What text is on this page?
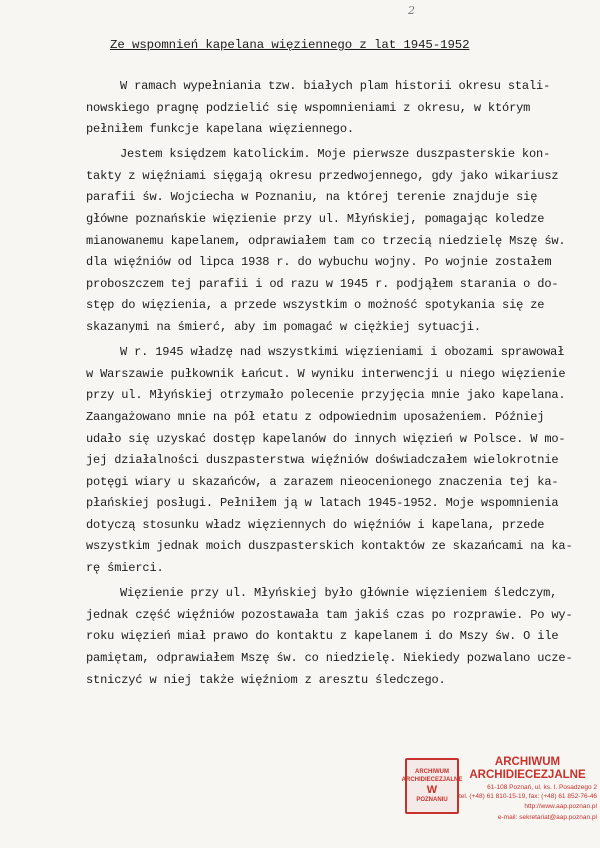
2
Ze wspomnień kapelana więziennego z lat 1945-1952
W ramach wypełniania tzw. białych plam historii okresu stali-
nowskiego pragnę podzielić się wspomnieniami z okresu, w którym
pełniłem funkcje kapelana więziennego.
Jestem księdzem katolickim. Moje pierwsze duszpasterskie kon-
takty z więźniami sięgają okresu przedwojennego, gdy jako wikariusz
parafii św. Wojciecha w Poznaniu, na której terenie znajduje się
główne poznańskie więzienie przy ul. Młyńskiej, pomagając koledze
mianowanemu kapelanem, odprawiałem tam co trzecią niedzielę Mszę św.
dla więźniów od lipca 1938 r. do wybuchu wojny. Po wojnie zostałem
proboszczem tej parafii i od razu w 1945 r. podjąłem starania o do-
stęp do więzienia, a przede wszystkim o możność spotykania się ze
skazanymi na śmierć, aby im pomagać w ciężkiej sytuacji.
W r. 1945 władzę nad wszystkimi więzieniami i obozami sprawował
w Warszawie pułkownik Łańcut. W wyniku interwencji u niego więzienie
przy ul. Młyńskiej otrzymało polecenie przyjęcia mnie jako kapelana.
Zaangażowano mnie na pół etatu z odpowiednim uposażeniem. Później
udało się uzyskać dostęp kapelanów do innych więzień w Polsce. W mo-
jej działalności duszpasterstwa więźniów doświadczałem wielokrotnie
potęgi wiary u skazańców, a zarazem nieocenionego znaczenia tej ka-
płańskiej posługi. Pełniłem ją w latach 1945-1952. Moje wspomnienia
dotyczą stosunku władz więziennych do więźniów i kapelana, przede
wszystkim jednak moich duszpasterskich kontaktów ze skazańcami na ka-
rę śmierci.
Więzienie przy ul. Młyńskiej było głównie więzieniem śledczym,
jednak część więźniów pozostawała tam jakiś czas po rozprawie. Po wy-
roku więzień miał prawo do kontaktu z kapelanem i do Mszy św. O ile
pamiętam, odprawiałem Mszę św. co niedzielę. Niekiedy pozwalano ucze-
stniczyć w niej także więźniom z aresztu śledczego.
ARCHIWUM
ARCHIDIECEZJALNE
W
POZNANIU
ARCHIWUM
ARCHIDIECEZJALNE
61-108 Poznań, ul. ks. I. Posadzego 2
tel. (+48) 61 810-15-19, fax: (+48) 61 852-76-46
http://www.aap.poznan.pl
e-mail: sekretariat@aap.poznan.pl
